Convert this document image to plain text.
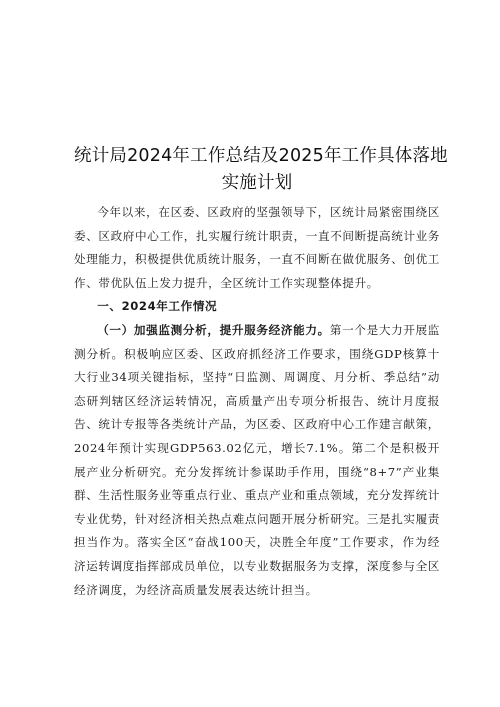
统计局2024年工作总结及2025年工作具体落地
实施计划

今年以来，在区委、区政府的坚强领导下，区统计局紧密围绕区委、区政府中心工作，扎实履行统计职责，一直不间断提高统计业务处理能力，积极提供优质统计服务，一直不间断在做优服务、创优工作、带优队伍上发力提升，全区统计工作实现整体提升。

一、2024年工作情况

（一）加强监测分析，提升服务经济能力。第一个是大力开展监测分析。积极响应区委、区政府抓经济工作要求，围绕GDP核算十大行业34项关键指标，坚持“日监测、周调度、月分析、季总结”动态研判辖区经济运转情况，高质量产出专项分析报告、统计月度报告、统计专报等各类统计产品，为区委、区政府中心工作建言献策，2024年预计实现GDP563.02亿元，增长7.1%。第二个是积极开展产业分析研究。充分发挥统计参谋助手作用，围绕“8+7”产业集群、生活性服务业等重点行业、重点产业和重点领域，充分发挥统计专业优势，针对经济相关热点难点问题开展分析研究。三是扎实履责担当作为。落实全区“奋战100天，决胜全年度”工作要求，作为经济运转调度指挥部成员单位，以专业数据服务为支撑，深度参与全区经济调度，为经济高质量发展表达统计担当。
